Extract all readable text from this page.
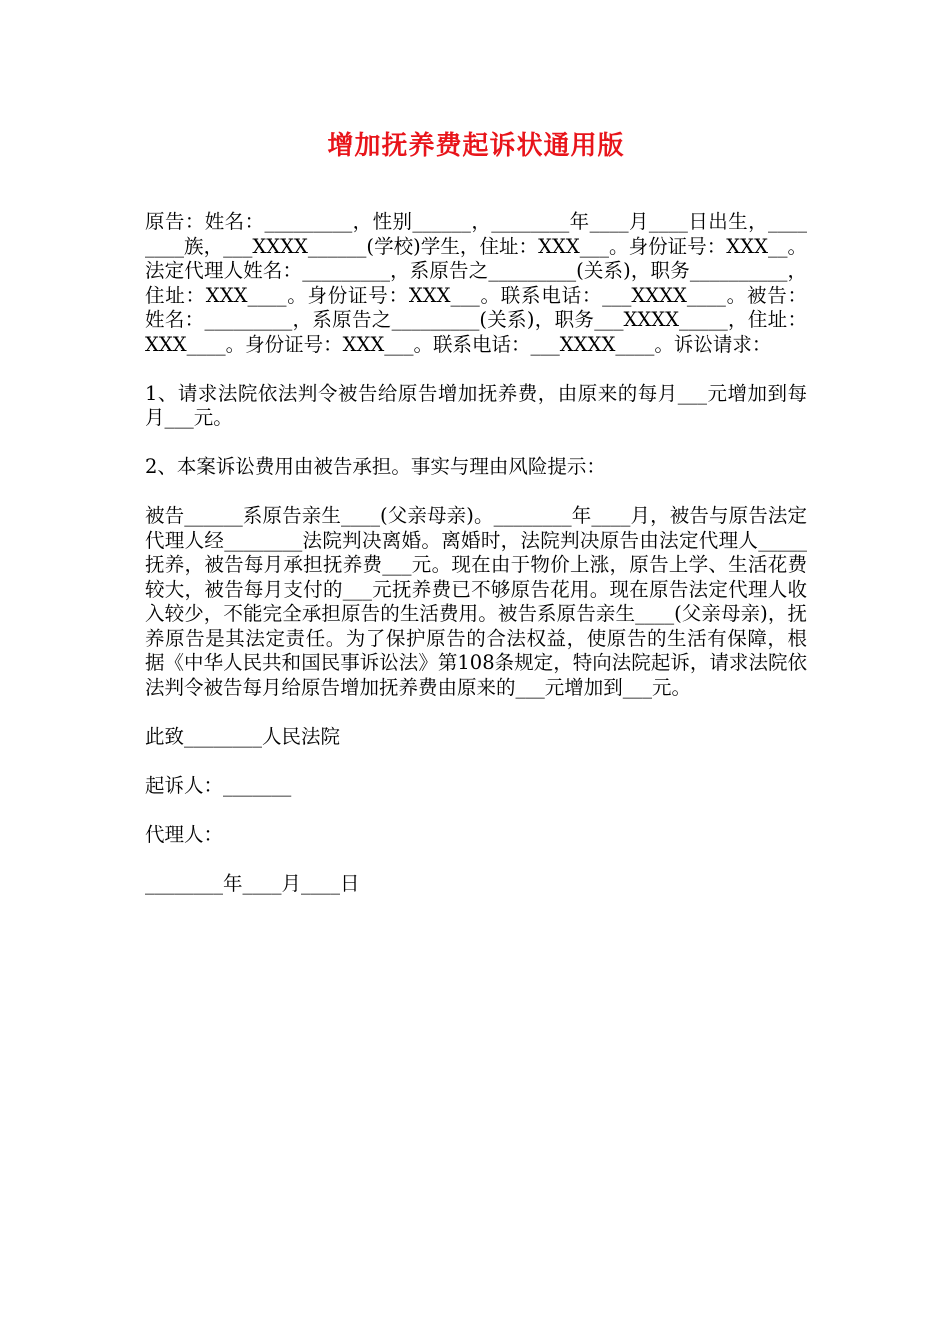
增加抚养费起诉状通用版

原告：姓名：_________，性别______，________年____月____日出生，________族，___XXXX______(学校)学生，住址：XXX___。身份证号：XXX__。法定代理人姓名：_________，系原告之_________(关系)，职务__________，住址：XXX____。身份证号：XXX___。联系电话：___XXXX____。被告：姓名：_________，系原告之_________(关系)，职务___XXXX_____，住址：XXX____。身份证号：XXX___。联系电话：___XXXX____。诉讼请求：

1、请求法院依法判令被告给原告增加抚养费，由原来的每月___元增加到每月___元。

2、本案诉讼费用由被告承担。事实与理由风险提示：

被告______系原告亲生____(父亲母亲)。________年____月，被告与原告法定代理人经________法院判决离婚。离婚时，法院判决原告由法定代理人_____抚养，被告每月承担抚养费___元。现在由于物价上涨，原告上学、生活花费较大，被告每月支付的___元抚养费已不够原告花用。现在原告法定代理人收入较少，不能完全承担原告的生活费用。被告系原告亲生____(父亲母亲)，抚养原告是其法定责任。为了保护原告的合法权益，使原告的生活有保障，根据《中华人民共和国民事诉讼法》第108条规定，特向法院起诉，请求法院依法判令被告每月给原告增加抚养费由原来的___元增加到___元。

此致________人民法院

起诉人：_______

代理人：

________年____月____日
